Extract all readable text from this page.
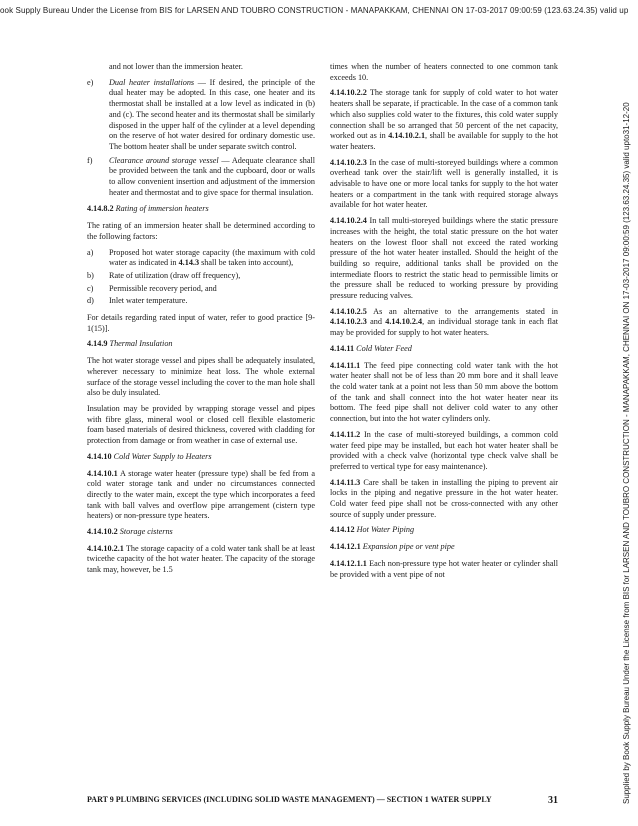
ook Supply Bureau Under the License from BIS for LARSEN AND TOUBRO CONSTRUCTION - MANAPAKKAM, CHENNAI ON 17-03-2017 09:00:59 (123.63.24.35) valid up
Supplied by Book Supply Bureau Under the License from BIS for LARSEN AND TOUBRO CONSTRUCTION - MANAPAKKAM, CHENNAI ON 17-03-2017 09:00:59 (123.63.24.35) valid upto31-12-20

and not lower than the immersion heater.

e)	Dual heater installations — If desired, the principle of the dual heater may be adopted. In this case, one heater and its thermostat shall be installed at a low level as indicated in (b) and (c). The second heater and its thermostat shall be similarly disposed in the upper half of the cylinder at a level depending on the reserve of hot water desired for ordinary domestic use. The bottom heater shall be under separate switch control.
f)	Clearance around storage vessel — Adequate clearance shall be provided between the tank and the cupboard, door or walls to allow convenient insertion and adjustment of the immersion heater and thermostat and to give space for thermal insulation.

4.14.8.2 Rating of immersion heaters

The rating of an immersion heater shall be determined according to the following factors:

a)	Proposed hot water storage capacity (the maximum with cold water as indicated in 4.14.3 shall be taken into account),
b)	Rate of utilization (draw off frequency),
c)	Permissible recovery period, and
d)	Inlet water temperature.

For details regarding rated input of water, refer to good practice [9-1(15)].

4.14.9 Thermal Insulation

The hot water storage vessel and pipes shall be adequately insulated, wherever necessary to minimize heat loss. The whole external surface of the storage vessel including the cover to the man hole shall also be duly insulated.

Insulation may be provided by wrapping storage vessel and pipes with fibre glass, mineral wool or closed cell flexible elastomeric foam based materials of desired thickness, covered with cladding for protection from damage or from weather in case of external use.

4.14.10 Cold Water Supply to Heaters

4.14.10.1 A storage water heater (pressure type) shall be fed from a cold water storage tank and under no circumstances connected directly to the water main, except the type which incorporates a feed tank with ball valves and overflow pipe arrangement (cistern type heaters) or non-pressure type heaters.

4.14.10.2 Storage cisterns

4.14.10.2.1 The storage capacity of a cold water tank shall be at least twicethe capacity of the hot water heater. The capacity of the storage tank may, however, be 1.5

times when the number of heaters connected to one common tank exceeds 10.

4.14.10.2.2 The storage tank for supply of cold water to hot water heaters shall be separate, if practicable. In the case of a common tank which also supplies cold water to the fixtures, this cold water supply connection shall be so arranged that 50 percent of the net capacity, worked out as in 4.14.10.2.1, shall be available for supply to the hot water heaters.

4.14.10.2.3 In the case of multi-storeyed buildings where a common overhead tank over the stair/lift well is generally installed, it is advisable to have one or more local tanks for supply to the hot water heaters or a compartment in the tank with required storage always available for hot water heater.

4.14.10.2.4 In tall multi-storeyed buildings where the static pressure increases with the height, the total static pressure on the hot water heaters on the lowest floor shall not exceed the rated working pressure of the hot water heater installed. Should the height of the building so require, additional tanks shall be provided on the intermediate floors to restrict the static head to permissible limits or the pressure shall be reduced to working pressure by providing pressure reducing valves.

4.14.10.2.5 As an alternative to the arrangements stated in 4.14.10.2.3 and 4.14.10.2.4, an individual storage tank in each flat may be provided for supply to hot water heaters.

4.14.11 Cold Water Feed

4.14.11.1 The feed pipe connecting cold water tank with the hot water heater shall not be of less than 20 mm bore and it shall leave the cold water tank at a point not less than 50 mm above the bottom of the tank and shall connect into the hot water heater near its bottom. The feed pipe shall not deliver cold water to any other connection, but into the hot water cylinders only.

4.14.11.2 In the case of multi-storeyed buildings, a common cold water feed pipe may be installed, but each hot water heater shall be provided with a check valve (horizontal type check valve shall be preferred to vertical type for easy maintenance).

4.14.11.3 Care shall be taken in installing the piping to prevent air locks in the piping and negative pressure in the hot water heater. Cold water feed pipe shall not be cross-connected with any other source of supply under pressure.

4.14.12 Hot Water Piping

4.14.12.1 Expansion pipe or vent pipe

4.14.12.1.1 Each non-pressure type hot water heater or cylinder shall be provided with a vent pipe of not

PART 9 PLUMBING SERVICES (INCLUDING SOLID WASTE MANAGEMENT) — SECTION 1 WATER SUPPLY	31
